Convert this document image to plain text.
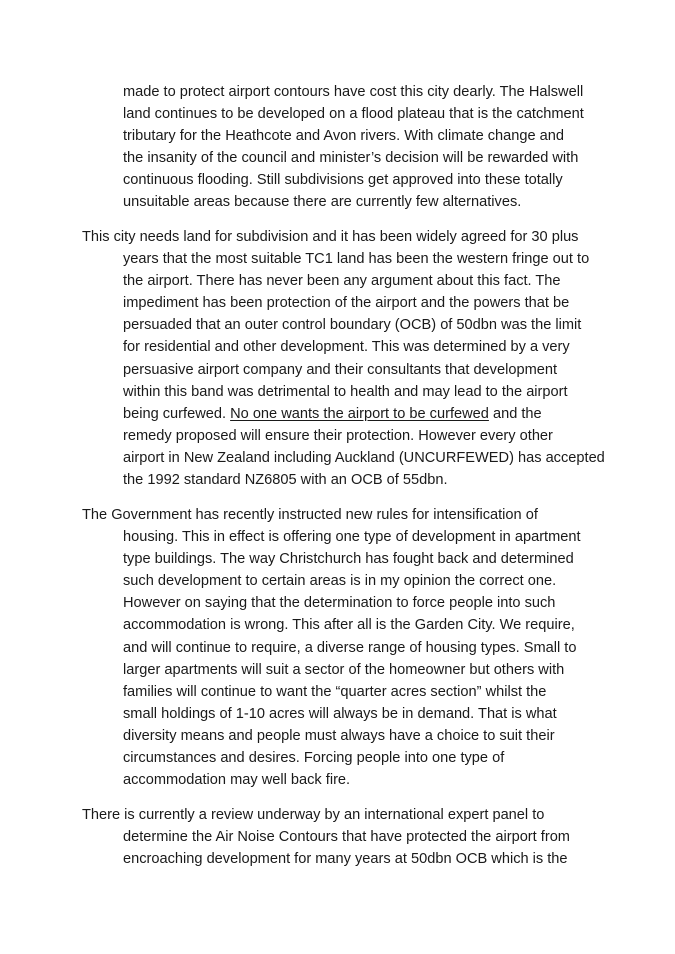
made to protect airport contours have cost this city dearly. The Halswell
land continues to be developed on a flood plateau that is the catchment
tributary for the Heathcote and Avon rivers. With climate change and
the insanity of the council and minister’s decision will be rewarded with
continuous flooding. Still subdivisions get approved into these totally
unsuitable areas because there are currently few alternatives.

This city needs land for subdivision and it has been widely agreed for 30 plus
years that the most suitable TC1 land has been the western fringe out to
the airport. There has never been any argument about this fact. The
impediment has been protection of the airport and the powers that be
persuaded that an outer control boundary (OCB) of 50dbn was the limit
for residential and other development. This was determined by a very
persuasive airport company and their consultants that development
within this band was detrimental to health and may lead to the airport
being curfewed. No one wants the airport to be curfewed and the
remedy proposed will ensure their protection. However every other
airport in New Zealand including Auckland (UNCURFEWED) has accepted
the 1992 standard NZ6805 with an OCB of 55dbn.

The Government has recently instructed new rules for intensification of
housing. This in effect is offering one type of development in apartment
type buildings. The way Christchurch has fought back and determined
such development to certain areas is in my opinion the correct one.
However on saying that the determination to force people into such
accommodation is wrong. This after all is the Garden City. We require,
and will continue to require, a diverse range of housing types. Small to
larger apartments will suit a sector of the homeowner but others with
families will continue to want the “quarter acres section” whilst the
small holdings of 1-10 acres will always be in demand. That is what
diversity means and people must always have a choice to suit their
circumstances and desires. Forcing people into one type of
accommodation may well back fire.

There is currently a review underway by an international expert panel to
determine the Air Noise Contours that have protected the airport from
encroaching development for many years at 50dbn OCB which is the
